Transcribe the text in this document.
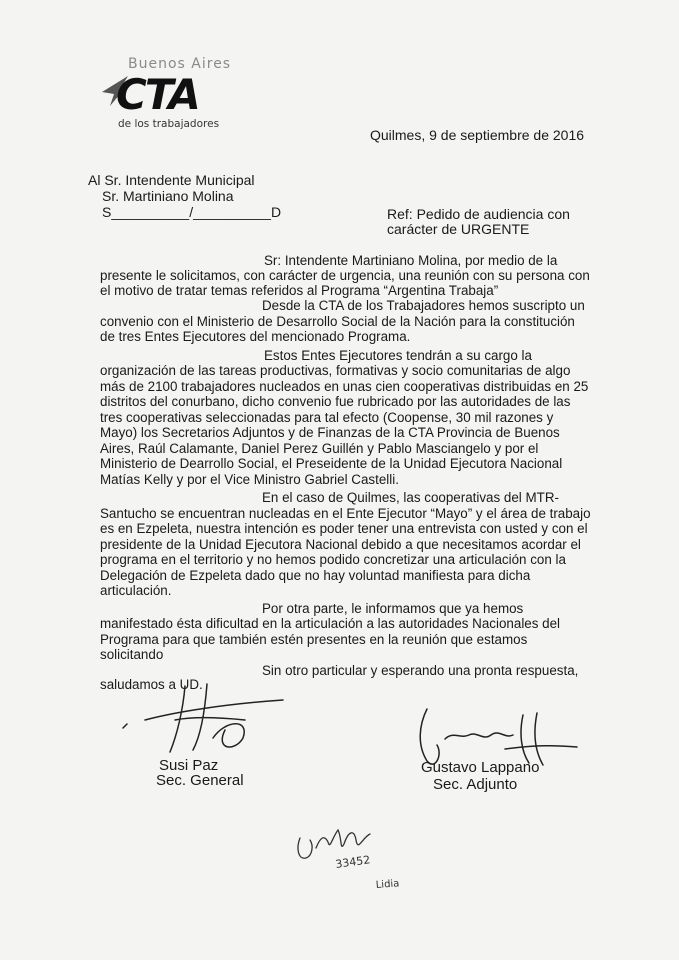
Buenos Aires
CTA
de los trabajadores
Quilmes, 9 de septiembre de 2016
Al Sr. Intendente Municipal
Sr. Martiniano Molina
S__________/__________D	Ref: Pedido de audiencia con
carácter de URGENTE
Sr: Intendente Martiniano Molina, por medio de la
presente le solicitamos, con carácter de urgencia, una reunión con su persona con
el motivo de tratar temas referidos al Programa “Argentina Trabaja”
Desde la CTA de los Trabajadores hemos suscripto un
convenio con el Ministerio de Desarrollo Social de la Nación para la constitución
de tres Entes Ejecutores del mencionado Programa.
Estos Entes Ejecutores tendrán a su cargo la
organización de las tareas productivas, formativas y socio comunitarias de algo
más de 2100 trabajadores nucleados en unas cien cooperativas distribuidas en 25
distritos del conurbano, dicho convenio fue rubricado por las autoridades de las
tres cooperativas seleccionadas para tal efecto (Coopense, 30 mil razones y
Mayo) los Secretarios Adjuntos y de Finanzas de la CTA Provincia de Buenos
Aires, Raúl Calamante, Daniel Perez Guillén y Pablo Masciangelo y por el
Ministerio de Dearrollo Social, el Preseidente de la Unidad Ejecutora Nacional
Matías Kelly y por el Vice Ministro Gabriel Castelli.
En el caso de Quilmes, las cooperativas del MTR-
Santucho se encuentran nucleadas en el Ente Ejecutor “Mayo” y el área de trabajo
es en Ezpeleta, nuestra intención es poder tener una entrevista con usted y con el
presidente de la Unidad Ejecutora Nacional debido a que necesitamos acordar el
programa en el territorio y no hemos podido concretizar una articulación con la
Delegación de Ezpeleta dado que no hay voluntad manifiesta para dicha
articulación.
Por otra parte, le informamos que ya hemos
manifestado ésta dificultad en la articulación a las autoridades Nacionales del
Programa para que también estén presentes en la reunión que estamos
solicitando
Sin otro particular y esperando una pronta respuesta,
saludamos a UD.
Susi Paz
Sec. General
Gustavo Lappano
Sec. Adjunto
33452
Lidia
